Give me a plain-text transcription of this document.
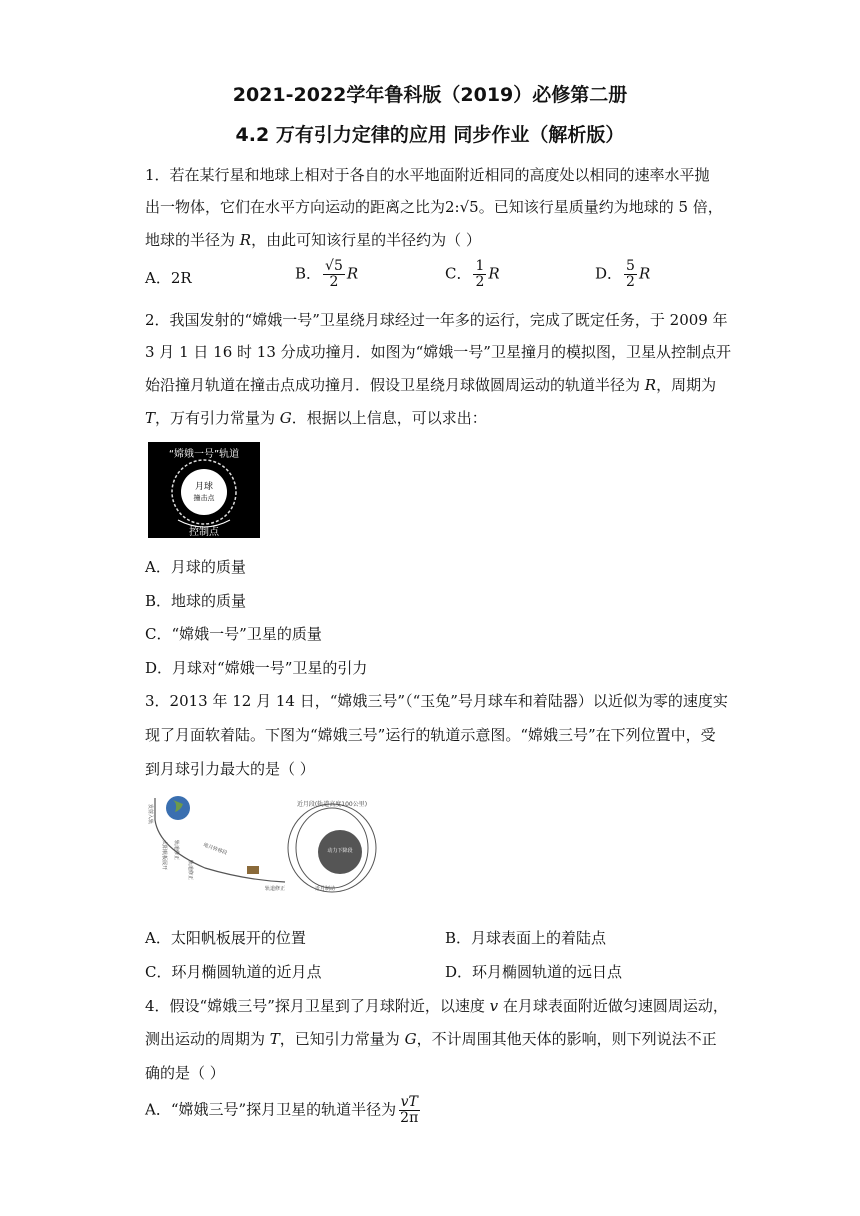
2021-2022学年鲁科版（2019）必修第二册
4.2 万有引力定律的应用 同步作业（解析版）
1．若在某行星和地球上相对于各自的水平地面附近相同的高度处以相同的速率水平抛
出一物体，它们在水平方向运动的距离之比为2:√5。已知该行星质量约为地球的 5 倍，
地球的半径为 R，由此可知该行星的半径约为（ ）
A．2R	B． $\frac{√5}{2}$ R	C． $\frac{1}{2}$ R	D． $\frac{5}{2}$ R
2．我国发射的“嫦娥一号”卫星绕月球经过一年多的运行，完成了既定任务，于 2009 年
3 月 1 日 16 时 13 分成功撞月．如图为“嫦娥一号”卫星撞月的模拟图，卫星从控制点开
始沿撞月轨道在撞击点成功撞月．假设卫星绕月球做圆周运动的轨道半径为 R，周期为
T，万有引力常量为 G．根据以上信息，可以求出：
“嫦娥一号”轨道
月球
撞击点
控制点
A．月球的质量
B．地球的质量
C．“嫦娥一号”卫星的质量
D．月球对“嫦娥一号”卫星的引力
3．2013 年 12 月 14 日，“嫦娥三号”（“玉兔”号月球车和着陆器）以近似为零的速度实
现了月面软着陆。下图为“嫦娥三号”运行的轨道示意图。“嫦娥三号”在下列位置中，受
到月球引力最大的是（ ）
发射入轨
太阳帆板展开 轨道修正
轨道修正
地月转移段
轨道修正
动力下降段
近月段(轨道高度100公里)
近月制动
A．太阳帆板展开的位置	B．月球表面上的着陆点
C．环月椭圆轨道的近月点	D．环月椭圆轨道的远日点
4．假设“嫦娥三号”探月卫星到了月球附近，以速度 v 在月球表面附近做匀速圆周运动，
测出运动的周期为 T，已知引力常量为 G，不计周围其他天体的影响，则下列说法不正
确的是（ ）
A．“嫦娥三号”探月卫星的轨道半径为 $\frac{vT}{2\pi}$
